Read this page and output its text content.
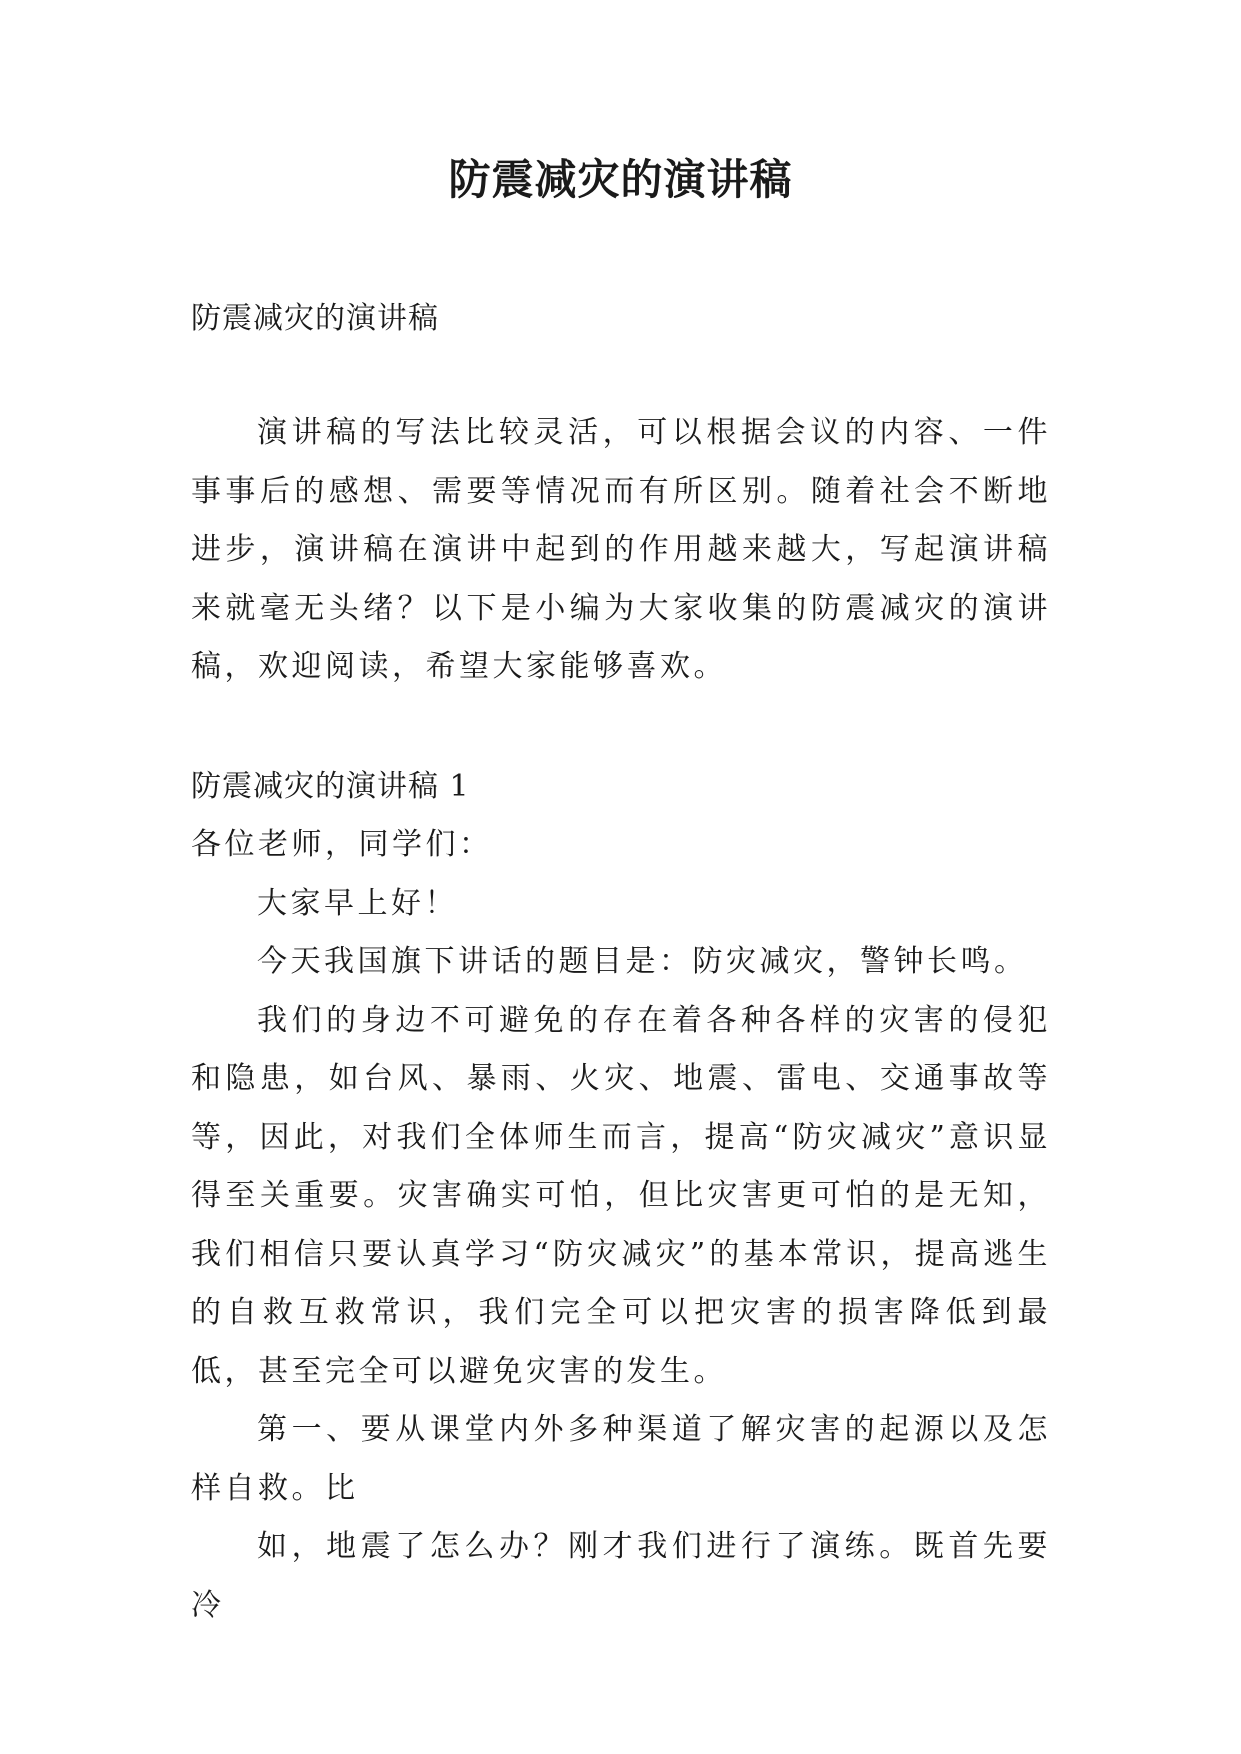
防震减灾的演讲稿
防震减灾的演讲稿

演讲稿的写法比较灵活，可以根据会议的内容、一件事事后的感想、需要等情况而有所区别。随着社会不断地进步，演讲稿在演讲中起到的作用越来越大，写起演讲稿来就毫无头绪？以下是小编为大家收集的防震减灾的演讲稿，欢迎阅读，希望大家能够喜欢。

防震减灾的演讲稿 1

各位老师，同学们：

大家早上好！

今天我国旗下讲话的题目是：防灾减灾，警钟长鸣。

我们的身边不可避免的存在着各种各样的灾害的侵犯和隐患，如台风、暴雨、火灾、地震、雷电、交通事故等等，因此，对我们全体师生而言，提高“防灾减灾”意识显得至关重要。灾害确实可怕，但比灾害更可怕的是无知，我们相信只要认真学习“防灾减灾”的基本常识，提高逃生的自救互救常识，我们完全可以把灾害的损害降低到最低，甚至完全可以避免灾害的发生。

第一、要从课堂内外多种渠道了解灾害的起源以及怎样自救。比

如，地震了怎么办？刚才我们进行了演练。既首先要冷
